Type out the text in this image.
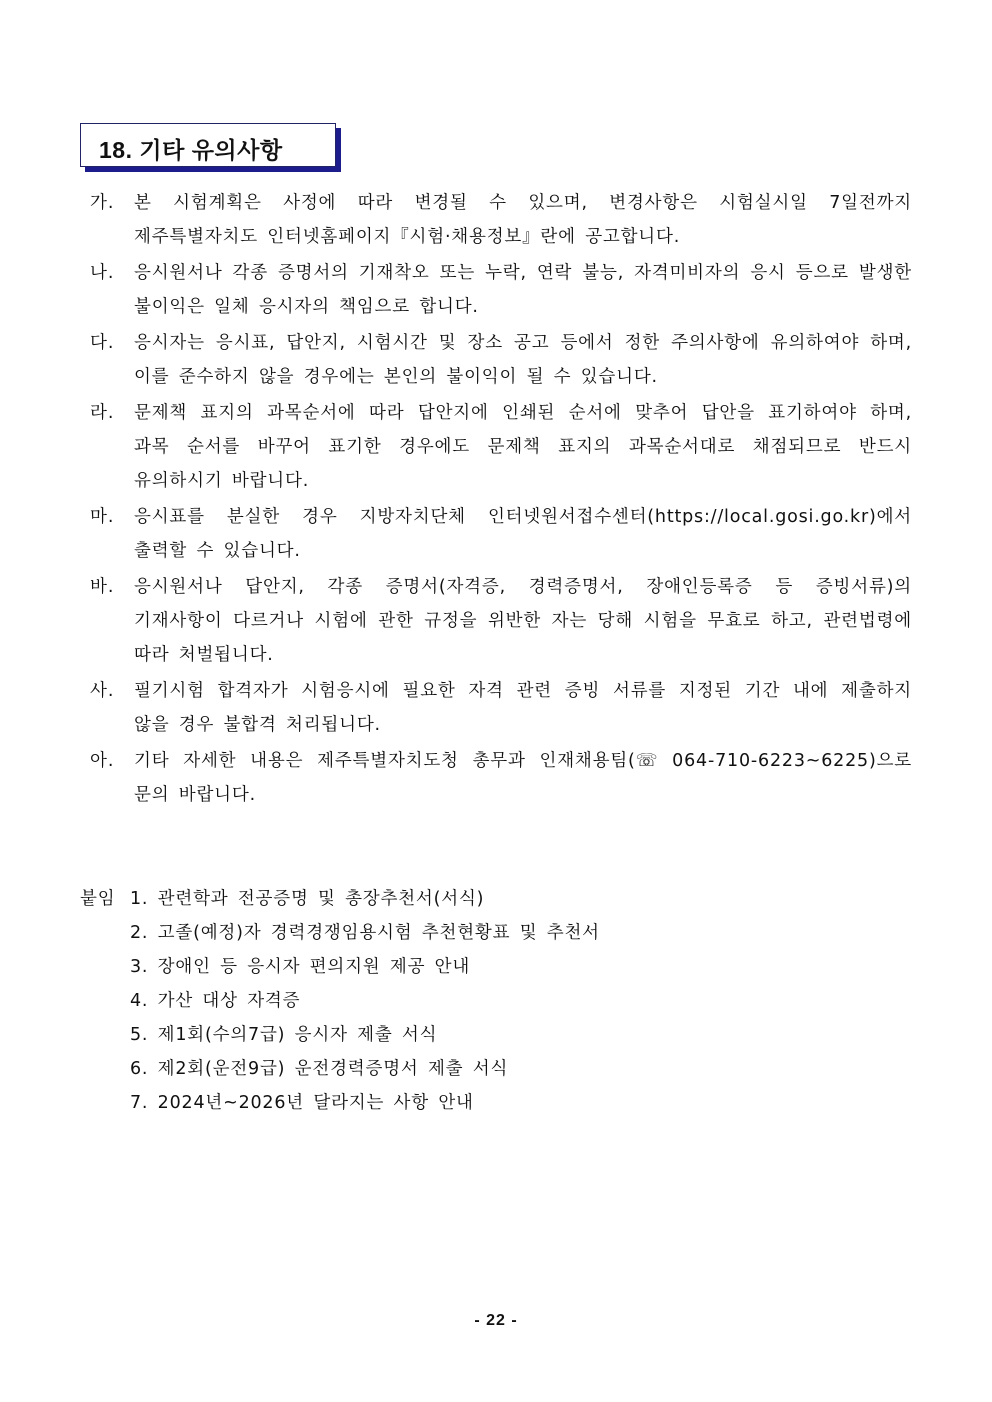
18. 기타 유의사항
가.	본 시험계획은 사정에 따라 변경될 수 있으며, 변경사항은 시험실시일 7일전까지 제주특별자치도 인터넷홈페이지『시험·채용정보』란에 공고합니다.
나.	응시원서나 각종 증명서의 기재착오 또는 누락, 연락 불능, 자격미비자의 응시 등으로 발생한 불이익은 일체 응시자의 책임으로 합니다.
다.	응시자는 응시표, 답안지, 시험시간 및 장소 공고 등에서 정한 주의사항에 유의하여야 하며, 이를 준수하지 않을 경우에는 본인의 불이익이 될 수 있습니다.
라.	문제책 표지의 과목순서에 따라 답안지에 인쇄된 순서에 맞추어 답안을 표기하여야 하며, 과목 순서를 바꾸어 표기한 경우에도 문제책 표지의 과목순서대로 채점되므로 반드시 유의하시기 바랍니다.
마.	응시표를 분실한 경우 지방자치단체 인터넷원서접수센터(https://local.gosi.go.kr)에서 출력할 수 있습니다.
바.	응시원서나 답안지, 각종 증명서(자격증, 경력증명서, 장애인등록증 등 증빙서류)의 기재사항이 다르거나 시험에 관한 규정을 위반한 자는 당해 시험을 무효로 하고, 관련법령에 따라 처벌됩니다.
사.	필기시험 합격자가 시험응시에 필요한 자격 관련 증빙 서류를 지정된 기간 내에 제출하지 않을 경우 불합격 처리됩니다.
아.	기타 자세한 내용은 제주특별자치도청 총무과 인재채용팀(☏ 064-710-6223~6225)으로 문의 바랍니다.
붙임 1. 관련학과 전공증명 및 총장추천서(서식)
2. 고졸(예정)자 경력경쟁임용시험 추천현황표 및 추천서
3. 장애인 등 응시자 편의지원 제공 안내
4. 가산 대상 자격증
5. 제1회(수의7급) 응시자 제출 서식
6. 제2회(운전9급) 운전경력증명서 제출 서식
7. 2024년~2026년 달라지는 사항 안내
- 22 -
